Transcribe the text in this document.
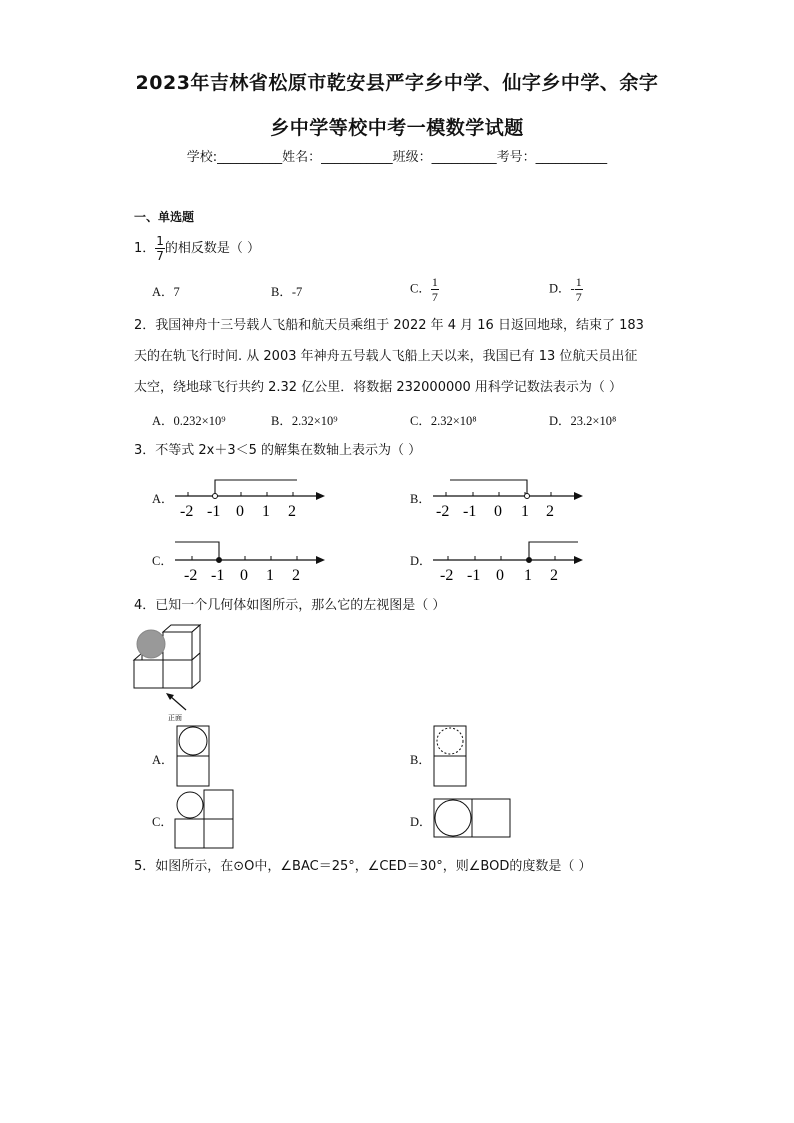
2023年吉林省松原市乾安县严字乡中学、仙字乡中学、余字
乡中学等校中考一模数学试题
学校:__________姓名：___________班级：__________考号：___________
一、单选题
1． $\frac{1}{7}$ 的相反数是（ ）
A．7	B．-7	C． $\frac{1}{7}$	D．- $\frac{1}{7}$
2．我国神舟十三号载人飞船和航天员乘组于 2022 年 4 月 16 日返回地球，结束了 183
天的在轨飞行时间. 从 2003 年神舟五号载人飞船上天以来，我国已有 13 位航天员出征
太空，绕地球飞行共约 2.32 亿公里．将数据 232000000 用科学记数法表示为（ ）
A．0.232×10⁹	B．2.32×10⁹	C．2.32×10⁸	D．23.2×10⁸
3．不等式 2x＋3＜5 的解集在数轴上表示为（ ）
A．
-2 -1 0 1 2
B．
-2 -1 0 1 2
C．
-2 -1 0 1 2
D．
-2 -1 0 1 2
4．已知一个几何体如图所示，那么它的左视图是（ ）
正面
A．	B．
C．	D．
5．如图所示，在⊙O中，∠BAC＝25°，∠CED＝30°，则∠BOD的度数是（ ）
